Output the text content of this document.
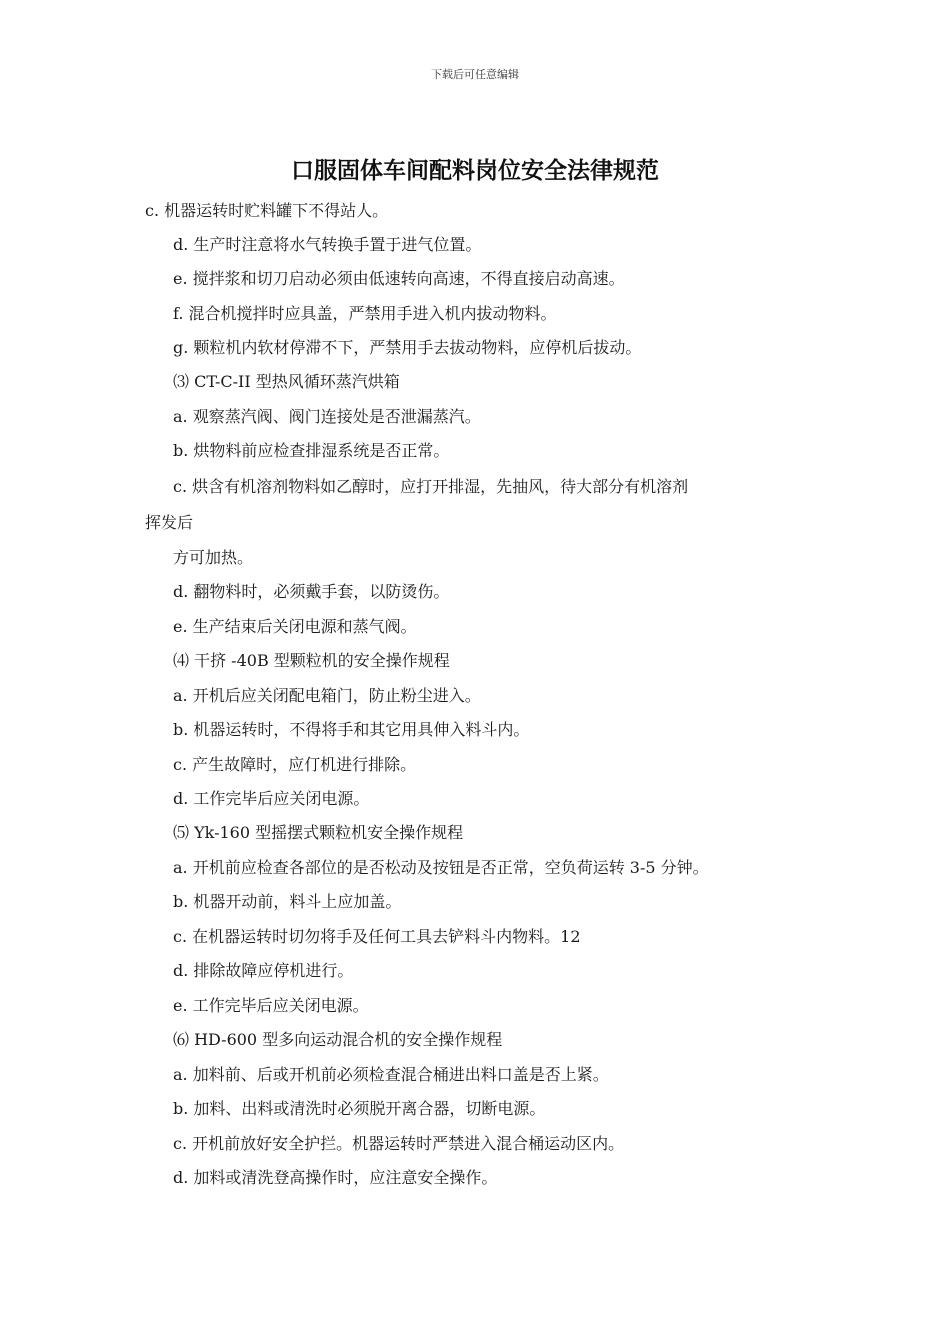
下载后可任意编辑
口服固体车间配料岗位安全法律规范
c. 机器运转时贮料罐下不得站人。
d. 生产时注意将水气转换手置于进气位置。
e. 搅拌浆和切刀启动必须由低速转向高速，不得直接启动高速。
f. 混合机搅拌时应具盖，严禁用手进入机内拔动物料。
g. 颗粒机内软材停滞不下，严禁用手去拔动物料，应停机后拔动。
⑶ CT-C-II 型热风循环蒸汽烘箱
a. 观察蒸汽阀、阀门连接处是否泄漏蒸汽。
b. 烘物料前应检查排湿系统是否正常。
c. 烘含有机溶剂物料如乙醇时，应打开排湿，先抽风，待大部分有机溶剂
挥发后
方可加热。
d. 翻物料时，必须戴手套，以防烫伤。
e. 生产结束后关闭电源和蒸气阀。
⑷ 干挤 -40B 型颗粒机的安全操作规程
a. 开机后应关闭配电箱门，防止粉尘进入。
b. 机器运转时，不得将手和其它用具伸入料斗内。
c. 产生故障时，应仃机进行排除。
d. 工作完毕后应关闭电源。
⑸ Yk-160 型摇摆式颗粒机安全操作规程
a. 开机前应检查各部位的是否松动及按钮是否正常，空负荷运转 3-5 分钟。
b. 机器开动前，料斗上应加盖。
c. 在机器运转时切勿将手及任何工具去铲料斗内物料。12
d. 排除故障应停机进行。
e. 工作完毕后应关闭电源。
⑹ HD-600 型多向运动混合机的安全操作规程
a. 加料前、后或开机前必须检查混合桶进出料口盖是否上紧。
b. 加料、出料或清洗时必须脱开离合器，切断电源。
c. 开机前放好安全护拦。机器运转时严禁进入混合桶运动区内。
d. 加料或清洗登高操作时，应注意安全操作。
